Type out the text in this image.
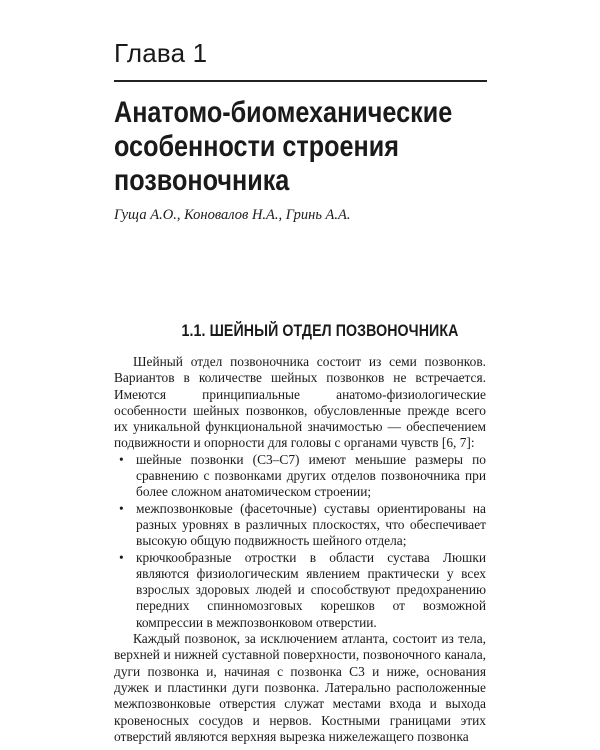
Глава 1
Анатомо-биомеханические
особенности строения
позвоночника

Гуща А.О., Коновалов Н.А., Гринь А.А.

1.1. ШЕЙНЫЙ ОТДЕЛ ПОЗВОНОЧНИКА

Шейный отдел позвоночника состоит из семи позвонков. Вариантов в количестве шейных позвонков не встречается. Имеются принципиальные анатомо-физиологические особенности шейных позвонков, обусловленные прежде всего их уникальной функциональной значимостью — обеспечением подвижности и опорности для головы с органами чувств [6, 7]:

• шейные позвонки (С3–С7) имеют меньшие размеры по сравнению с позвонками других отделов позвоночника при более сложном анатомическом строении;
• межпозвонковые (фасеточные) суставы ориентированы на разных уровнях в различных плоскостях, что обеспечивает высокую общую подвижность шейного отдела;
• крючкообразные отростки в области сустава Люшки являются физиологическим явлением практически у всех взрослых здоровых людей и способствуют предохранению передних спинномозговых корешков от возможной компрессии в межпозвонковом отверстии.

Каждый позвонок, за исключением атланта, состоит из тела, верхней и нижней суставной поверхности, позвоночного канала, дуги позвонка и, начиная с позвонка С3 и ниже, основания дужек и пластинки дуги позвонка. Латерально расположенные межпозвонковые отверстия служат местами входа и выхода кровеносных сосудов и нервов. Костными границами этих отверстий являются верхняя вырезка нижележащего позвонка
